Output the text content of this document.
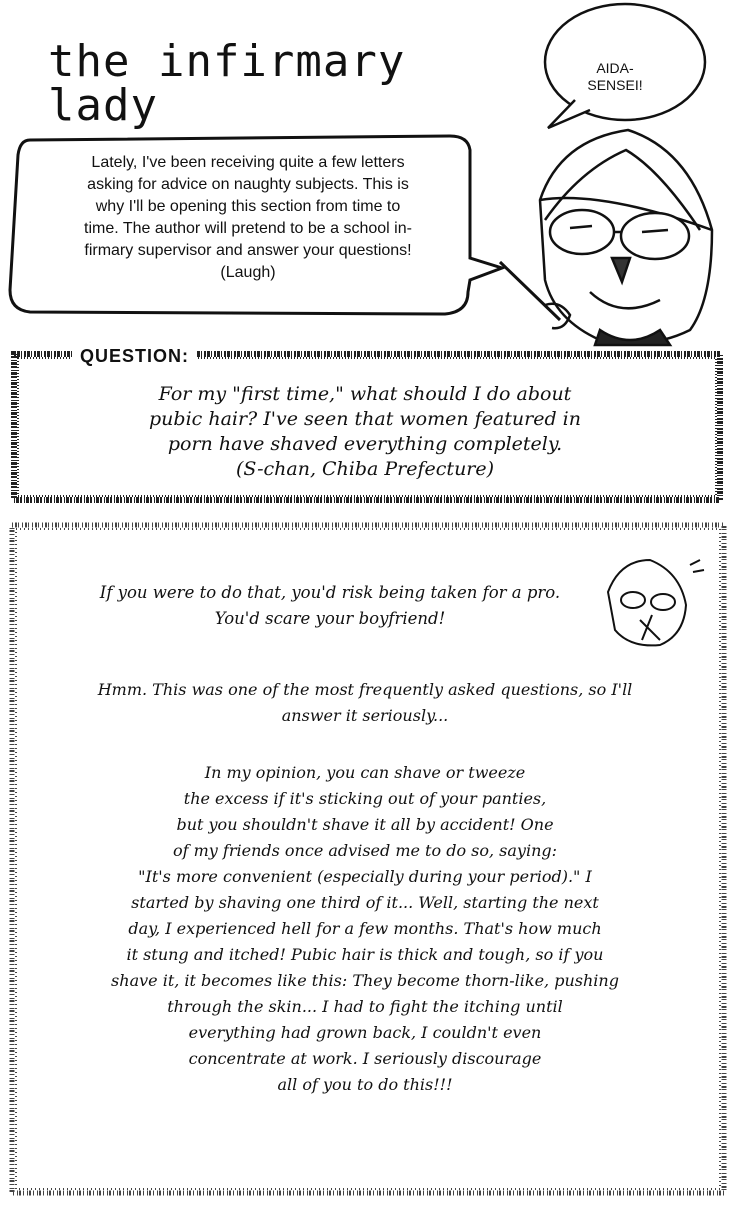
the infirmary lady
AIDA-
SENSEI!
Lately, I've been receiving quite a few letters
asking for advice on naughty subjects. This is
why I'll be opening this section from time to
time. The author will pretend to be a school in-
firmary supervisor and answer your questions!
(Laugh)
QUESTION:
For my "first time," what should I do about
pubic hair? I've seen that women featured in
porn have shaved everything completely.
(S-chan, Chiba Prefecture)
If you were to do that, you'd risk being taken for a pro.
You'd scare your boyfriend!
Hmm. This was one of the most frequently asked questions, so I'll
answer it seriously...
In my opinion, you can shave or tweeze
the excess if it's sticking out of your panties,
but you shouldn't shave it all by accident! One
of my friends once advised me to do so, saying:
"It's more convenient (especially during your period)." I
started by shaving one third of it... Well, starting the next
day, I experienced hell for a few months. That's how much
it stung and itched! Pubic hair is thick and tough, so if you
shave it, it becomes like this: They become thorn-like, pushing
through the skin... I had to fight the itching until
everything had grown back, I couldn't even
concentrate at work. I seriously discourage
all of you to do this!!!
